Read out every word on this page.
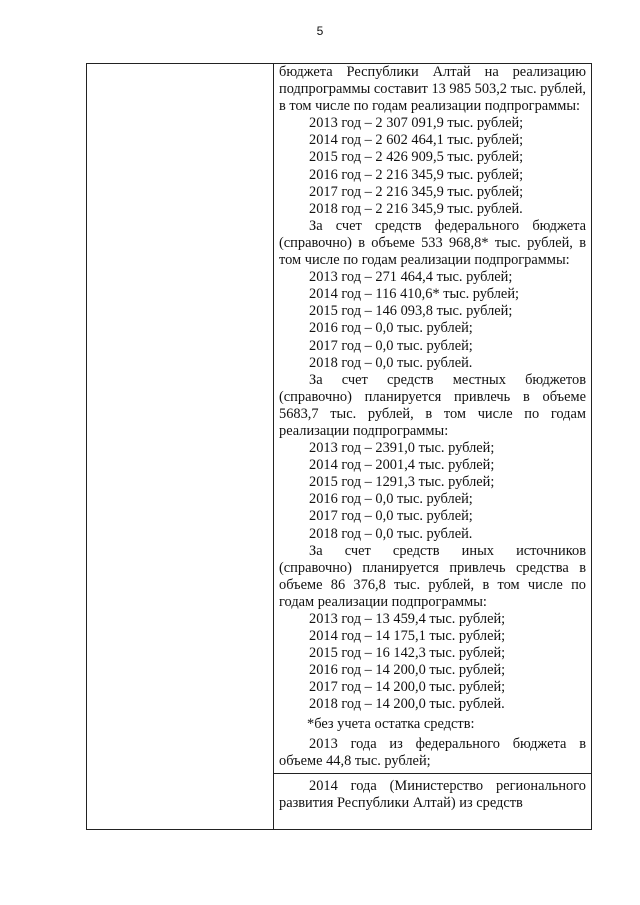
5
бюджета Республики Алтай на реализацию подпрограммы составит 13 985 503,2 тыс. рублей, в том числе по годам реализации подпрограммы:
2013 год – 2 307 091,9 тыс. рублей;
2014 год – 2 602 464,1 тыс. рублей;
2015 год – 2 426 909,5 тыс. рублей;
2016 год – 2 216 345,9 тыс. рублей;
2017 год – 2 216 345,9 тыс. рублей;
2018 год – 2 216 345,9 тыс. рублей.
За счет средств федерального бюджета (справочно) в объеме 533 968,8* тыс. рублей, в том числе по годам реализации подпрограммы:
2013 год – 271 464,4 тыс. рублей;
2014 год – 116 410,6* тыс. рублей;
2015 год – 146 093,8 тыс. рублей;
2016 год – 0,0 тыс. рублей;
2017 год – 0,0 тыс. рублей;
2018 год – 0,0 тыс. рублей.
За счет средств местных бюджетов (справочно) планируется привлечь в объеме 5683,7 тыс. рублей, в том числе по годам реализации подпрограммы:
2013 год – 2391,0 тыс. рублей;
2014 год – 2001,4 тыс. рублей;
2015 год – 1291,3 тыс. рублей;
2016 год – 0,0 тыс. рублей;
2017 год – 0,0 тыс. рублей;
2018 год – 0,0 тыс. рублей.
За счет средств иных источников (справочно) планируется привлечь средства в объеме 86 376,8 тыс. рублей, в том числе по годам реализации подпрограммы:
2013 год – 13 459,4 тыс. рублей;
2014 год – 14 175,1 тыс. рублей;
2015 год – 16 142,3 тыс. рублей;
2016 год – 14 200,0 тыс. рублей;
2017 год – 14 200,0 тыс. рублей;
2018 год – 14 200,0 тыс. рублей.
*без учета остатка средств:
2013 года из федерального бюджета в объеме 44,8 тыс. рублей;
2014 года (Министерство регионального развития Республики Алтай) из средств
